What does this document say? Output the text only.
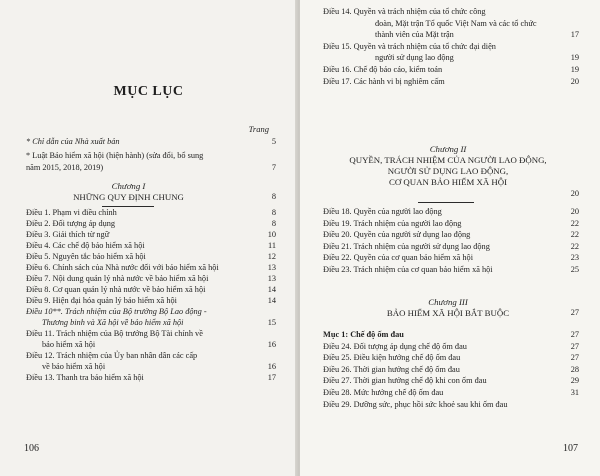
MỤC LỤC
Trang
* Chỉ dẫn của Nhà xuất bản	5
* Luật Bảo hiểm xã hội (hiện hành) (sửa đổi, bổ sung
năm 2015, 2018, 2019)	7
Chương I
NHỮNG QUY ĐỊNH CHUNG	8
Điều 1. Phạm vi điều chỉnh	8
Điều 2. Đối tượng áp dụng	8
Điều 3. Giải thích từ ngữ	10
Điều 4. Các chế độ bảo hiểm xã hội	11
Điều 5. Nguyên tắc bảo hiểm xã hội	12
Điều 6. Chính sách của Nhà nước đối với bảo hiểm xã hội	13
Điều 7. Nội dung quản lý nhà nước về bảo hiểm xã hội	13
Điều 8. Cơ quan quản lý nhà nước về bảo hiểm xã hội	14
Điều 9. Hiện đại hóa quản lý bảo hiểm xã hội	14
Điều 10**. Trách nhiệm của Bộ trưởng Bộ Lao động -
Thương binh và Xã hội về bảo hiểm xã hội	15
Điều 11. Trách nhiệm của Bộ trưởng Bộ Tài chính về
bảo hiểm xã hội	16
Điều 12. Trách nhiệm của Ủy ban nhân dân các cấp
về bảo hiểm xã hội	16
Điều 13. Thanh tra bảo hiểm xã hội	17
106
Điều 14. Quyền và trách nhiệm của tổ chức công
đoàn, Mặt trận Tổ quốc Việt Nam và các tổ chức
thành viên của Mặt trận	17
Điều 15. Quyền và trách nhiệm của tổ chức đại diện
người sử dụng lao động	19
Điều 16. Chế độ báo cáo, kiểm toán	19
Điều 17. Các hành vi bị nghiêm cấm	20
Chương II
QUYỀN, TRÁCH NHIỆM CỦA NGƯỜI LAO ĐỘNG,
NGƯỜI SỬ DỤNG LAO ĐỘNG,
CƠ QUAN BẢO HIỂM XÃ HỘI
20
Điều 18. Quyền của người lao động	20
Điều 19. Trách nhiệm của người lao động	22
Điều 20. Quyền của người sử dụng lao động	22
Điều 21. Trách nhiệm của người sử dụng lao động	22
Điều 22. Quyền của cơ quan bảo hiểm xã hội	23
Điều 23. Trách nhiệm của cơ quan bảo hiểm xã hội	25
Chương III
BẢO HIỂM XÃ HỘI BẮT BUỘC	27
Mục 1: Chế độ ốm đau	27
Điều 24. Đối tượng áp dụng chế độ ốm đau	27
Điều 25. Điều kiện hưởng chế độ ốm đau	27
Điều 26. Thời gian hưởng chế độ ốm đau	28
Điều 27. Thời gian hưởng chế độ khi con ốm đau	29
Điều 28. Mức hưởng chế độ ốm đau	31
Điều 29. Dưỡng sức, phục hồi sức khoẻ sau khi ốm đau
107
